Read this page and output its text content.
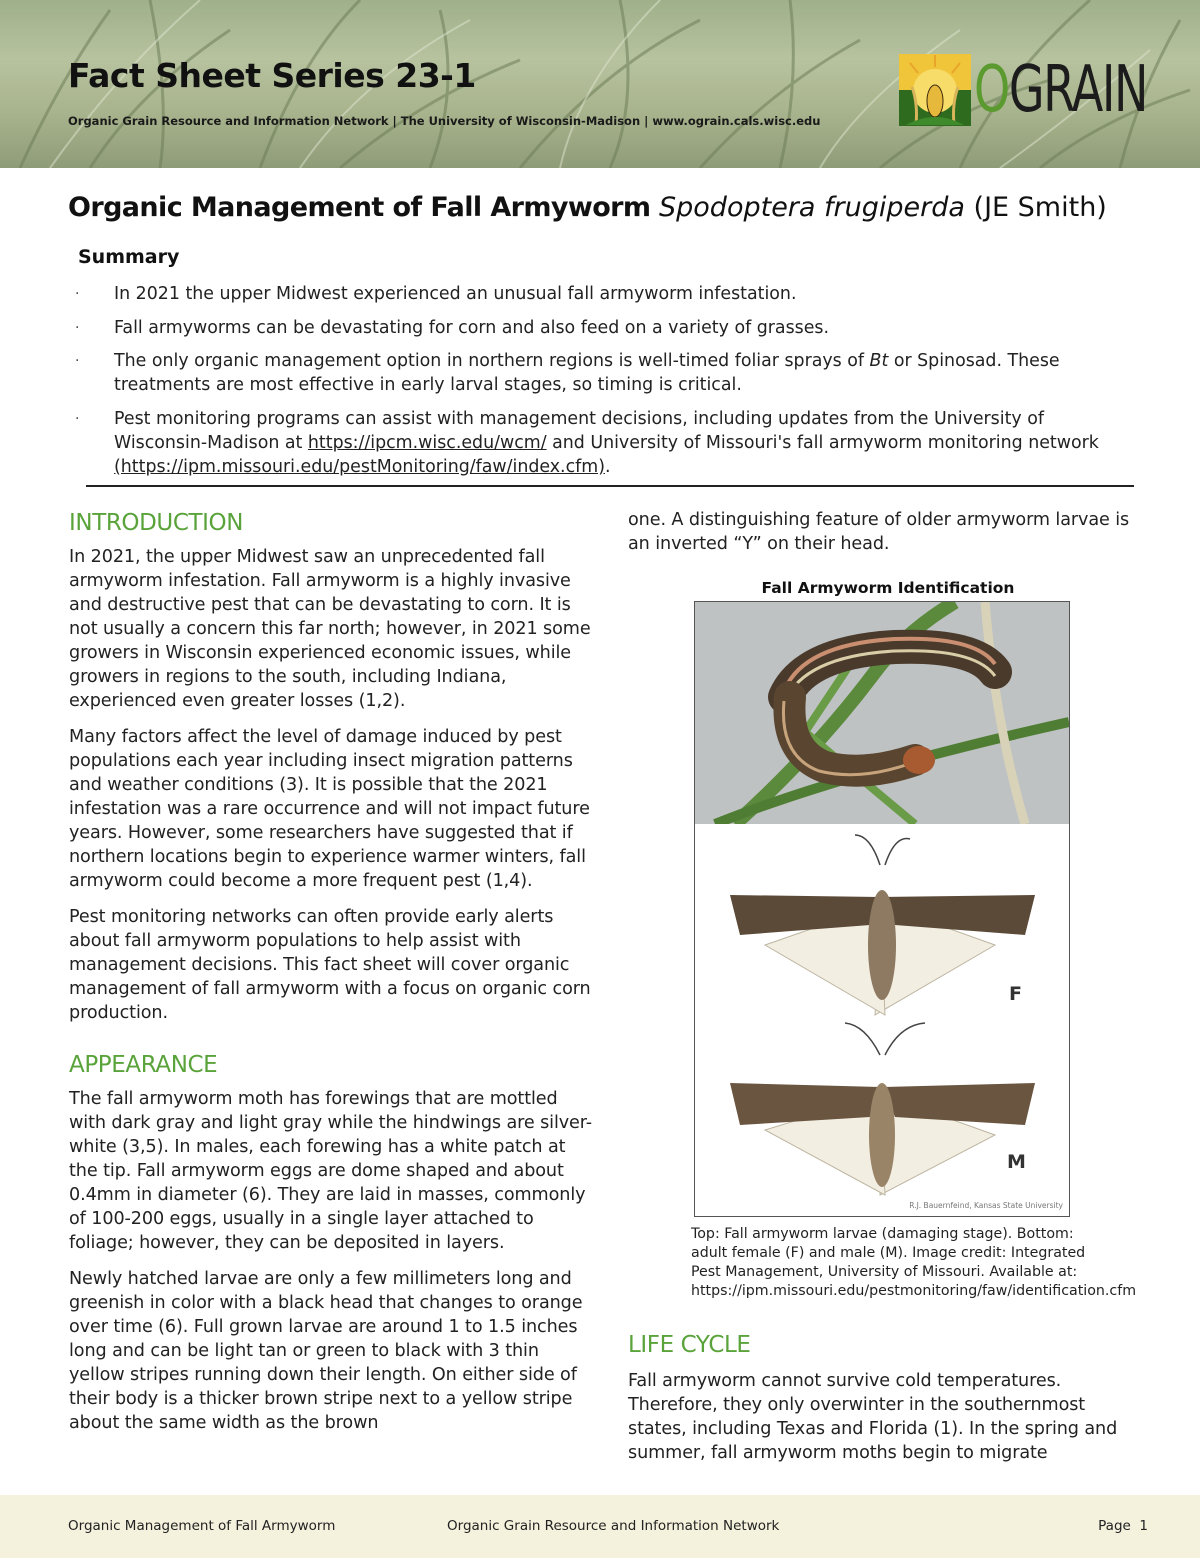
Fact Sheet Series 23-1

Organic Grain Resource and Information Network | The University of Wisconsin-Madison | www.ograin.cals.wisc.edu OGRAIN
Organic Management of Fall Armyworm Spodoptera frugiperda (JE Smith)
Summary
· In 2021 the upper Midwest experienced an unusual fall armyworm infestation.
· Fall armyworms can be devastating for corn and also feed on a variety of grasses.
· The only organic management option in northern regions is well-timed foliar sprays of Bt or Spinosad. These treatments are most effective in early larval stages, so timing is critical.
· Pest monitoring programs can assist with management decisions, including updates from the University of Wisconsin-Madison at https://ipcm.wisc.edu/wcm/ and University of Missouri's fall armyworm monitoring network (https://ipm.missouri.edu/pestMonitoring/faw/index.cfm).
INTRODUCTION

In 2021, the upper Midwest saw an unprecedented fall armyworm infestation. Fall armyworm is a highly invasive and destructive pest that can be devastating to corn. It is not usually a concern this far north; however, in 2021 some growers in Wisconsin experienced economic issues, while growers in regions to the south, including Indiana, experienced even greater losses (1,2).

Many factors affect the level of damage induced by pest populations each year including insect migration patterns and weather conditions (3). It is possible that the 2021 infestation was a rare occurrence and will not impact future years. However, some researchers have suggested that if northern locations begin to experience warmer winters, fall armyworm could become a more frequent pest (1,4).

Pest monitoring networks can often provide early alerts about fall armyworm populations to help assist with management decisions. This fact sheet will cover organic management of fall armyworm with a focus on organic corn production.

APPEARANCE

The fall armyworm moth has forewings that are mottled with dark gray and light gray while the hindwings are silver-white (3,5). In males, each forewing has a white patch at the tip. Fall armyworm eggs are dome shaped and about 0.4mm in diameter (6). They are laid in masses, commonly of 100-200 eggs, usually in a single layer attached to foliage; however, they can be deposited in layers.

Newly hatched larvae are only a few millimeters long and greenish in color with a black head that changes to orange over time (6). Full grown larvae are around 1 to 1.5 inches long and can be light tan or green to black with 3 thin yellow stripes running down their length. On either side of their body is a thicker brown stripe next to a yellow stripe about the same width as the brown

one. A distinguishing feature of older armyworm larvae is an inverted “Y” on their head.

Fall Armyworm Identification
F
M
R.J. Bauernfeind, Kansas State University
Top: Fall armyworm larvae (damaging stage). Bottom: adult female (F) and male (M). Image credit: Integrated Pest Management, University of Missouri. Available at: https://ipm.missouri.edu/pestmonitoring/faw/identification.cfm
LIFE CYCLE

Fall armyworm cannot survive cold temperatures. Therefore, they only overwinter in the southernmost states, including Texas and Florida (1). In the spring and summer, fall armyworm moths begin to migrate

Organic Management of Fall Armyworm	Organic Grain Resource and Information Network	Page  1
